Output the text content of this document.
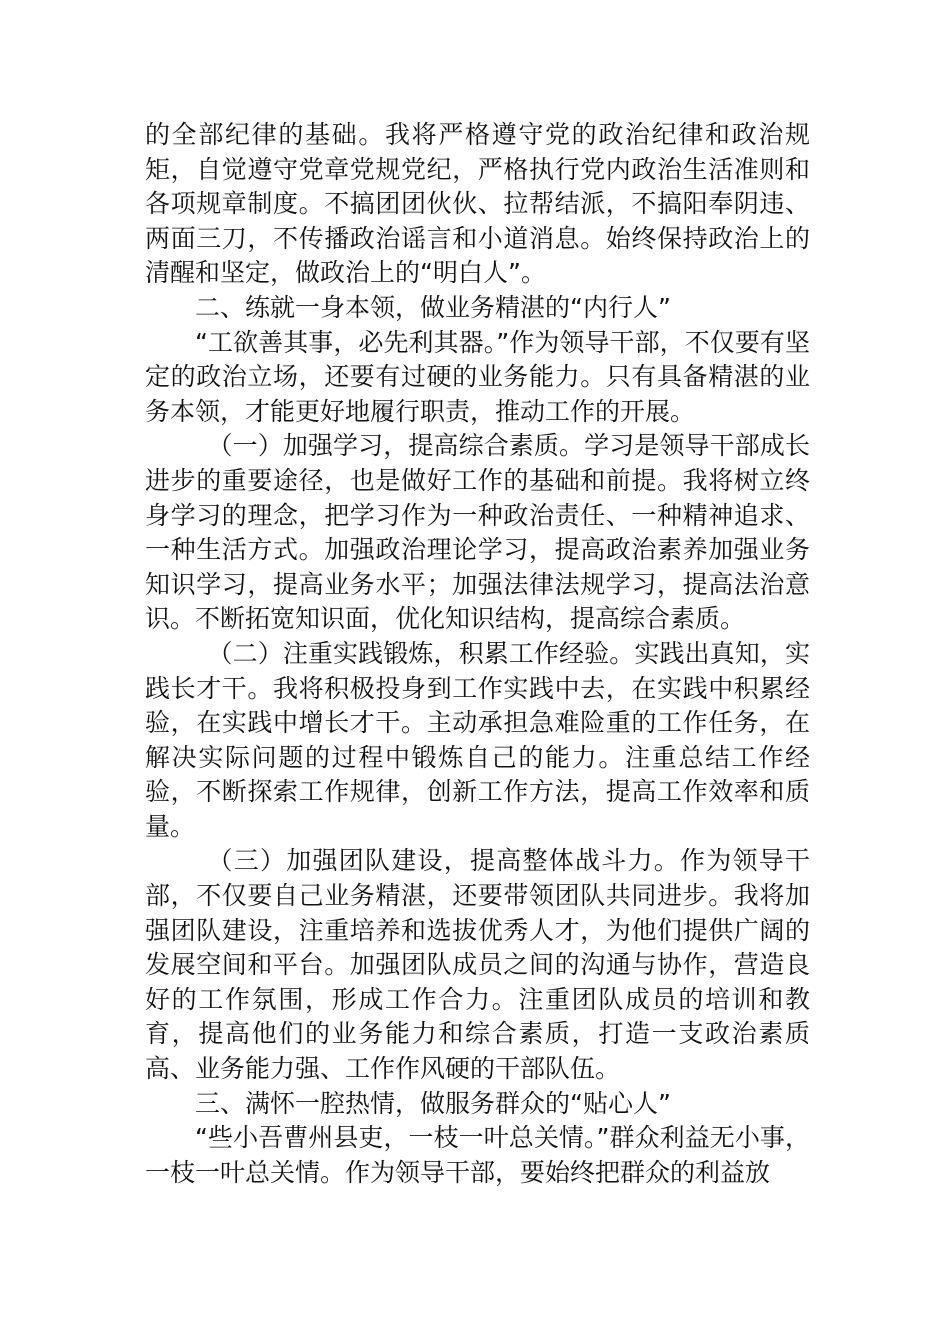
的全部纪律的基础。我将严格遵守党的政治纪律和政治规矩，自觉遵守党章党规党纪，严格执行党内政治生活准则和各项规章制度。不搞团团伙伙、拉帮结派，不搞阳奉阴违、两面三刀，不传播政治谣言和小道消息。始终保持政治上的清醒和坚定，做政治上的“明白人”。

二、练就一身本领，做业务精湛的“内行人”

“工欲善其事，必先利其器。”作为领导干部，不仅要有坚定的政治立场，还要有过硬的业务能力。只有具备精湛的业务本领，才能更好地履行职责，推动工作的开展。

（一）加强学习，提高综合素质。学习是领导干部成长进步的重要途径，也是做好工作的基础和前提。我将树立终身学习的理念，把学习作为一种政治责任、一种精神追求、一种生活方式。加强政治理论学习，提高政治素养加强业务知识学习，提高业务水平；加强法律法规学习，提高法治意识。不断拓宽知识面，优化知识结构，提高综合素质。

（二）注重实践锻炼，积累工作经验。实践出真知，实践长才干。我将积极投身到工作实践中去，在实践中积累经验，在实践中增长才干。主动承担急难险重的工作任务，在解决实际问题的过程中锻炼自己的能力。注重总结工作经验，不断探索工作规律，创新工作方法，提高工作效率和质量。

（三）加强团队建设，提高整体战斗力。作为领导干部，不仅要自己业务精湛，还要带领团队共同进步。我将加强团队建设，注重培养和选拔优秀人才，为他们提供广阔的发展空间和平台。加强团队成员之间的沟通与协作，营造良好的工作氛围，形成工作合力。注重团队成员的培训和教育，提高他们的业务能力和综合素质，打造一支政治素质高、业务能力强、工作作风硬的干部队伍。

三、满怀一腔热情，做服务群众的“贴心人”

“些小吾曹州县吏，一枝一叶总关情。”群众利益无小事，一枝一叶总关情。作为领导干部，要始终把群众的利益放
